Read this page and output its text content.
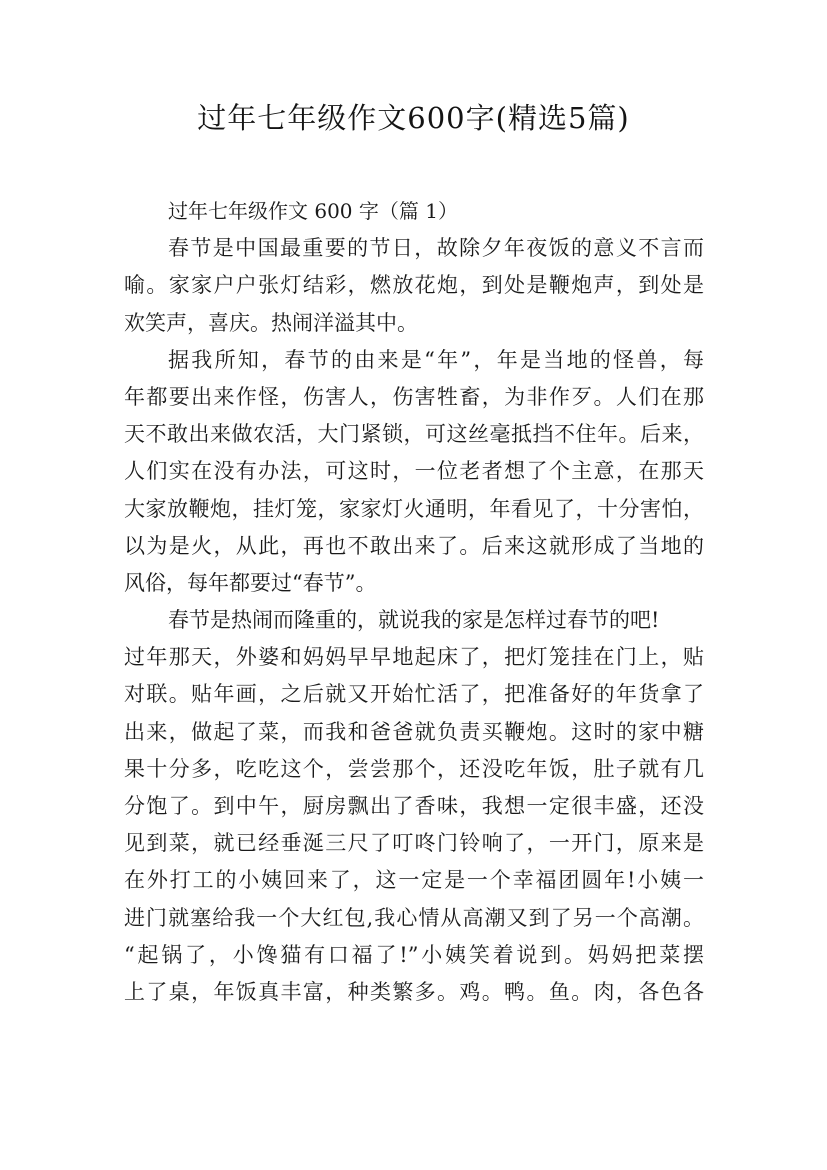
过年七年级作文600字(精选5篇)
过年七年级作文 600 字（篇 1）
春节是中国最重要的节日，故除夕年夜饭的意义不言而
喻。家家户户张灯结彩，燃放花炮，到处是鞭炮声，到处是
欢笑声，喜庆。热闹洋溢其中。
据我所知，春节的由来是“年”，年是当地的怪兽，每
年都要出来作怪，伤害人，伤害牲畜，为非作歹。人们在那
天不敢出来做农活，大门紧锁，可这丝毫抵挡不住年。后来，
人们实在没有办法，可这时，一位老者想了个主意，在那天
大家放鞭炮，挂灯笼，家家灯火通明，年看见了，十分害怕，
以为是火，从此，再也不敢出来了。后来这就形成了当地的
风俗，每年都要过“春节”。
春节是热闹而隆重的，就说我的家是怎样过春节的吧!
过年那天，外婆和妈妈早早地起床了，把灯笼挂在门上，贴
对联。贴年画，之后就又开始忙活了，把准备好的年货拿了
出来，做起了菜，而我和爸爸就负责买鞭炮。这时的家中糖
果十分多，吃吃这个，尝尝那个，还没吃年饭，肚子就有几
分饱了。到中午，厨房飘出了香味，我想一定很丰盛，还没
见到菜，就已经垂涎三尺了叮咚门铃响了，一开门，原来是
在外打工的小姨回来了，这一定是一个幸福团圆年!小姨一
进门就塞给我一个大红包,我心情从高潮又到了另一个高潮。
“起锅了，小馋猫有口福了!”小姨笑着说到。妈妈把菜摆
上了桌，年饭真丰富，种类繁多。鸡。鸭。鱼。肉，各色各
